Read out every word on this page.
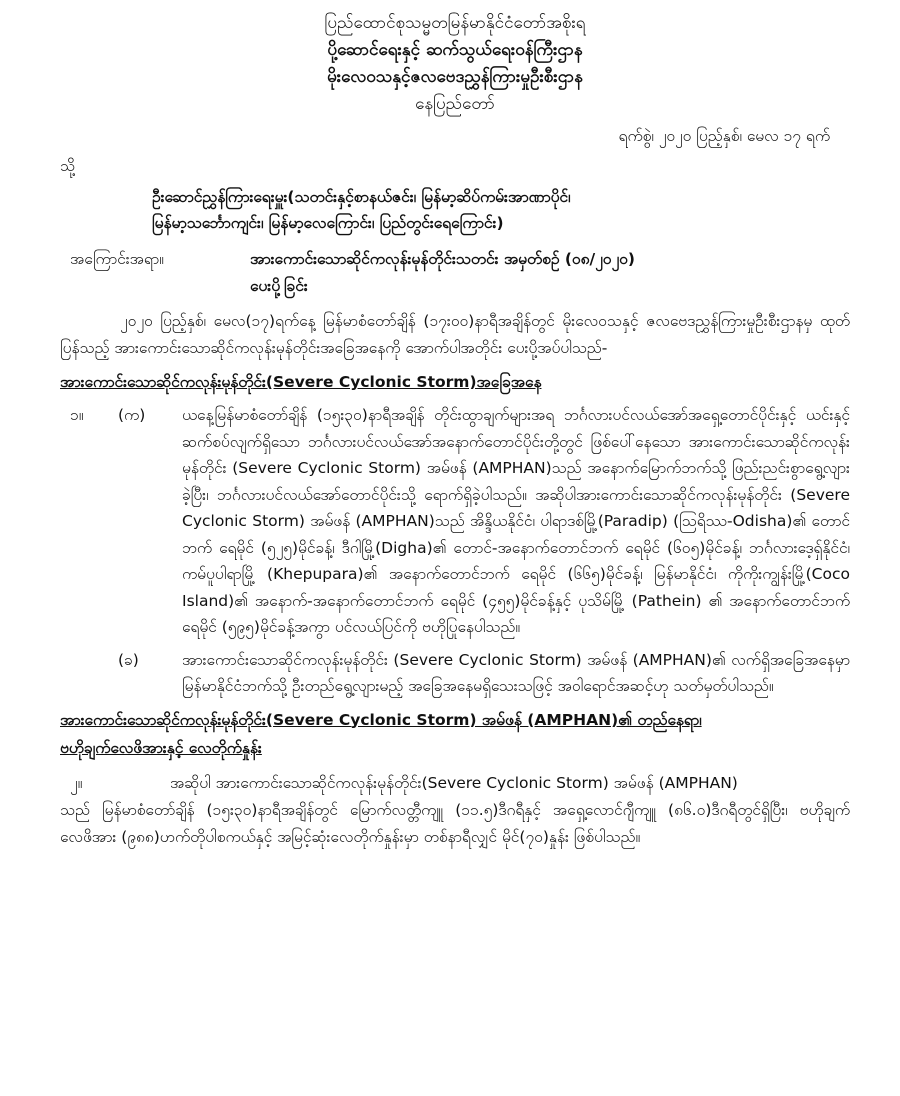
ပြည်ထောင်စုသမ္မတမြန်မာနိုင်ငံတော်အစိုးရ
ပို့ဆောင်ရေးနှင့် ဆက်သွယ်ရေးဝန်ကြီးဌာန
မိုးလေဝသနှင့်ဇလဗေဒညွှန်ကြားမှုဦးစီးဌာန
နေပြည်တော်
ရက်စွဲ၊ ၂၀၂၀ ပြည့်နှစ်၊ မေလ ၁၇ ရက်
သို့
ဦးဆောင်ညွှန်ကြားရေးမှူး(သတင်းနှင့်စာနယ်ဇင်း၊ မြန်မာ့ဆိပ်ကမ်းအာဏာပိုင်၊
မြန်မာ့သင်္ဘောကျင်း၊ မြန်မာ့လေကြောင်း၊ ပြည်တွင်းရေကြောင်း)
အကြောင်းအရာ။	အားကောင်းသောဆိုင်ကလုန်းမုန်တိုင်းသတင်း အမှတ်စဉ် (၀၈/၂၀၂၀)
ပေးပို့ခြင်း
၂၀၂၀ ပြည့်နှစ်၊ မေလ(၁၇)ရက်နေ့ မြန်မာစံတော်ချိန် (၁၇း၀၀)နာရီအချိန်တွင် မိုးလေဝသနှင့် ဇလဗေဒညွှန်ကြားမှုဦးစီးဌာနမှ ထုတ်ပြန်သည့် အားကောင်းသောဆိုင်ကလုန်းမုန်တိုင်းအခြေအနေကို အောက်ပါအတိုင်း ပေးပို့အပ်ပါသည်-
အားကောင်းသောဆိုင်ကလုန်းမုန်တိုင်း(Severe Cyclonic Storm)အခြေအနေ
၁။	(က)	ယနေ့မြန်မာစံတော်ချိန် (၁၅း၃၀)နာရီအချိန် တိုင်းထွာချက်များအရ ဘင်္ဂလားပင်လယ်အော်အရှေ့တောင်ပိုင်းနှင့် ယင်းနှင့်ဆက်စပ်လျက်ရှိသော ဘင်္ဂလားပင်လယ်အော်အနောက်တောင်ပိုင်းတို့တွင် ဖြစ်ပေါ်နေသော အားကောင်းသောဆိုင်ကလုန်းမုန်တိုင်း (Severe Cyclonic Storm) အမ်ဖန် (AMPHAN)သည် အနောက်မြောက်ဘက်သို့ ဖြည်းညင်းစွာရွေ့လျားခဲ့ပြီး၊ ဘင်္ဂလားပင်လယ်အော်တောင်ပိုင်းသို့ ရောက်ရှိခဲ့ပါသည်။ အဆိုပါအားကောင်းသောဆိုင်ကလုန်းမုန်တိုင်း (Severe Cyclonic Storm) အမ်ဖန် (AMPHAN)သည် အိန္ဒိယနိုင်ငံ၊ ပါရာဒစ်မြို့(Paradip) (ဩရိဿ-Odisha)၏ တောင်ဘက် ရေမိုင် (၅၂၅)မိုင်ခန့်၊ ဒီဂါမြို့(Digha)၏ တောင်-အနောက်တောင်ဘက် ရေမိုင် (၆၀၅)မိုင်ခန့်၊ ဘင်္ဂလားဒေ့ရှ်နိုင်ငံ၊ ကမ်ပူပါရာမြို့ (Khepupara)၏ အနောက်တောင်ဘက် ရေမိုင် (၆၆၅)မိုင်ခန့်၊ မြန်မာနိုင်ငံ၊ ကိုကိုးကျွန်းမြို့(Coco Island)၏ အနောက်-အနောက်တောင်ဘက် ရေမိုင် (၄၅၅)မိုင်ခန့်နှင့် ပုသိမ်မြို့ (Pathein) ၏ အနောက်တောင်ဘက် ရေမိုင် (၅၉၅)မိုင်ခန့်အကွာ ပင်လယ်ပြင်ကို ဗဟိုပြုနေပါသည်။
(ခ)	အားကောင်းသောဆိုင်ကလုန်းမုန်တိုင်း (Severe Cyclonic Storm) အမ်ဖန် (AMPHAN)၏ လက်ရှိအခြေအနေမှာ မြန်မာနိုင်ငံဘက်သို့ ဦးတည်ရွေ့လျားမည့် အခြေအနေမရှိသေးသဖြင့် အဝါရောင်အဆင့်ဟု သတ်မှတ်ပါသည်။
အားကောင်းသောဆိုင်ကလုန်းမုန်တိုင်း(Severe Cyclonic Storm) အမ်ဖန် (AMPHAN)၏ တည်နေရာ၊
ဗဟိုချက်လေဖိအားနှင့် လေတိုက်နှုန်း
၂။	အဆိုပါ အားကောင်းသောဆိုင်ကလုန်းမုန်တိုင်း(Severe Cyclonic Storm) အမ်ဖန် (AMPHAN)
သည် မြန်မာစံတော်ချိန် (၁၅း၃၀)နာရီအချိန်တွင် မြောက်လတ္တီကျူ (၁၁.၅)ဒီဂရီနှင့် အရှေ့လောင်ဂျီကျူ (၈၆.၀)ဒီဂရီတွင်ရှိပြီး၊ ဗဟိုချက်လေဖိအား (၉၈၈)ဟက်တိုပါစကယ်နှင့် အမြင့်ဆုံးလေတိုက်နှုန်းမှာ တစ်နာရီလျှင် မိုင်(၇၀)နှုန်း ဖြစ်ပါသည်။
